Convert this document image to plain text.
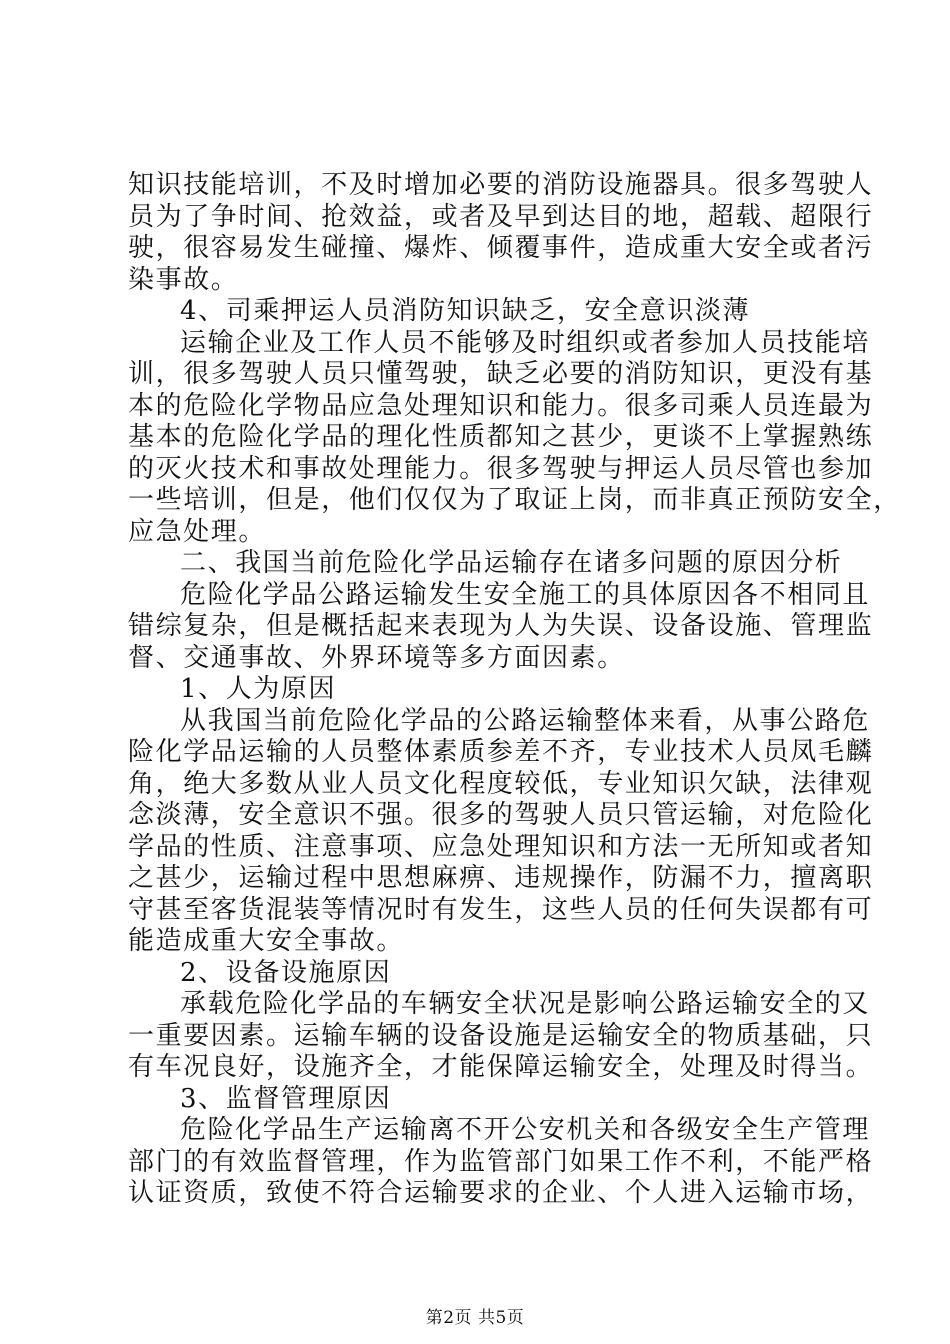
知识技能培训，不及时增加必要的消防设施器具。很多驾驶人
员为了争时间、抢效益，或者及早到达目的地，超载、超限行
驶，很容易发生碰撞、爆炸、倾覆事件，造成重大安全或者污
染事故。
4、司乘押运人员消防知识缺乏，安全意识淡薄
运输企业及工作人员不能够及时组织或者参加人员技能培
训，很多驾驶人员只懂驾驶，缺乏必要的消防知识，更没有基
本的危险化学物品应急处理知识和能力。很多司乘人员连最为
基本的危险化学品的理化性质都知之甚少，更谈不上掌握熟练
的灭火技术和事故处理能力。很多驾驶与押运人员尽管也参加
一些培训，但是，他们仅仅为了取证上岗，而非真正预防安全，
应急处理。
二、我国当前危险化学品运输存在诸多问题的原因分析
危险化学品公路运输发生安全施工的具体原因各不相同且
错综复杂，但是概括起来表现为人为失误、设备设施、管理监
督、交通事故、外界环境等多方面因素。
1、人为原因
从我国当前危险化学品的公路运输整体来看，从事公路危
险化学品运输的人员整体素质参差不齐，专业技术人员凤毛麟
角，绝大多数从业人员文化程度较低，专业知识欠缺，法律观
念淡薄，安全意识不强。很多的驾驶人员只管运输，对危险化
学品的性质、注意事项、应急处理知识和方法一无所知或者知
之甚少，运输过程中思想麻痹、违规操作，防漏不力，擅离职
守甚至客货混装等情况时有发生，这些人员的任何失误都有可
能造成重大安全事故。
2、设备设施原因
承载危险化学品的车辆安全状况是影响公路运输安全的又
一重要因素。运输车辆的设备设施是运输安全的物质基础，只
有车况良好，设施齐全，才能保障运输安全，处理及时得当。
3、监督管理原因
危险化学品生产运输离不开公安机关和各级安全生产管理
部门的有效监督管理，作为监管部门如果工作不利，不能严格
认证资质，致使不符合运输要求的企业、个人进入运输市场，
第2页 共5页
